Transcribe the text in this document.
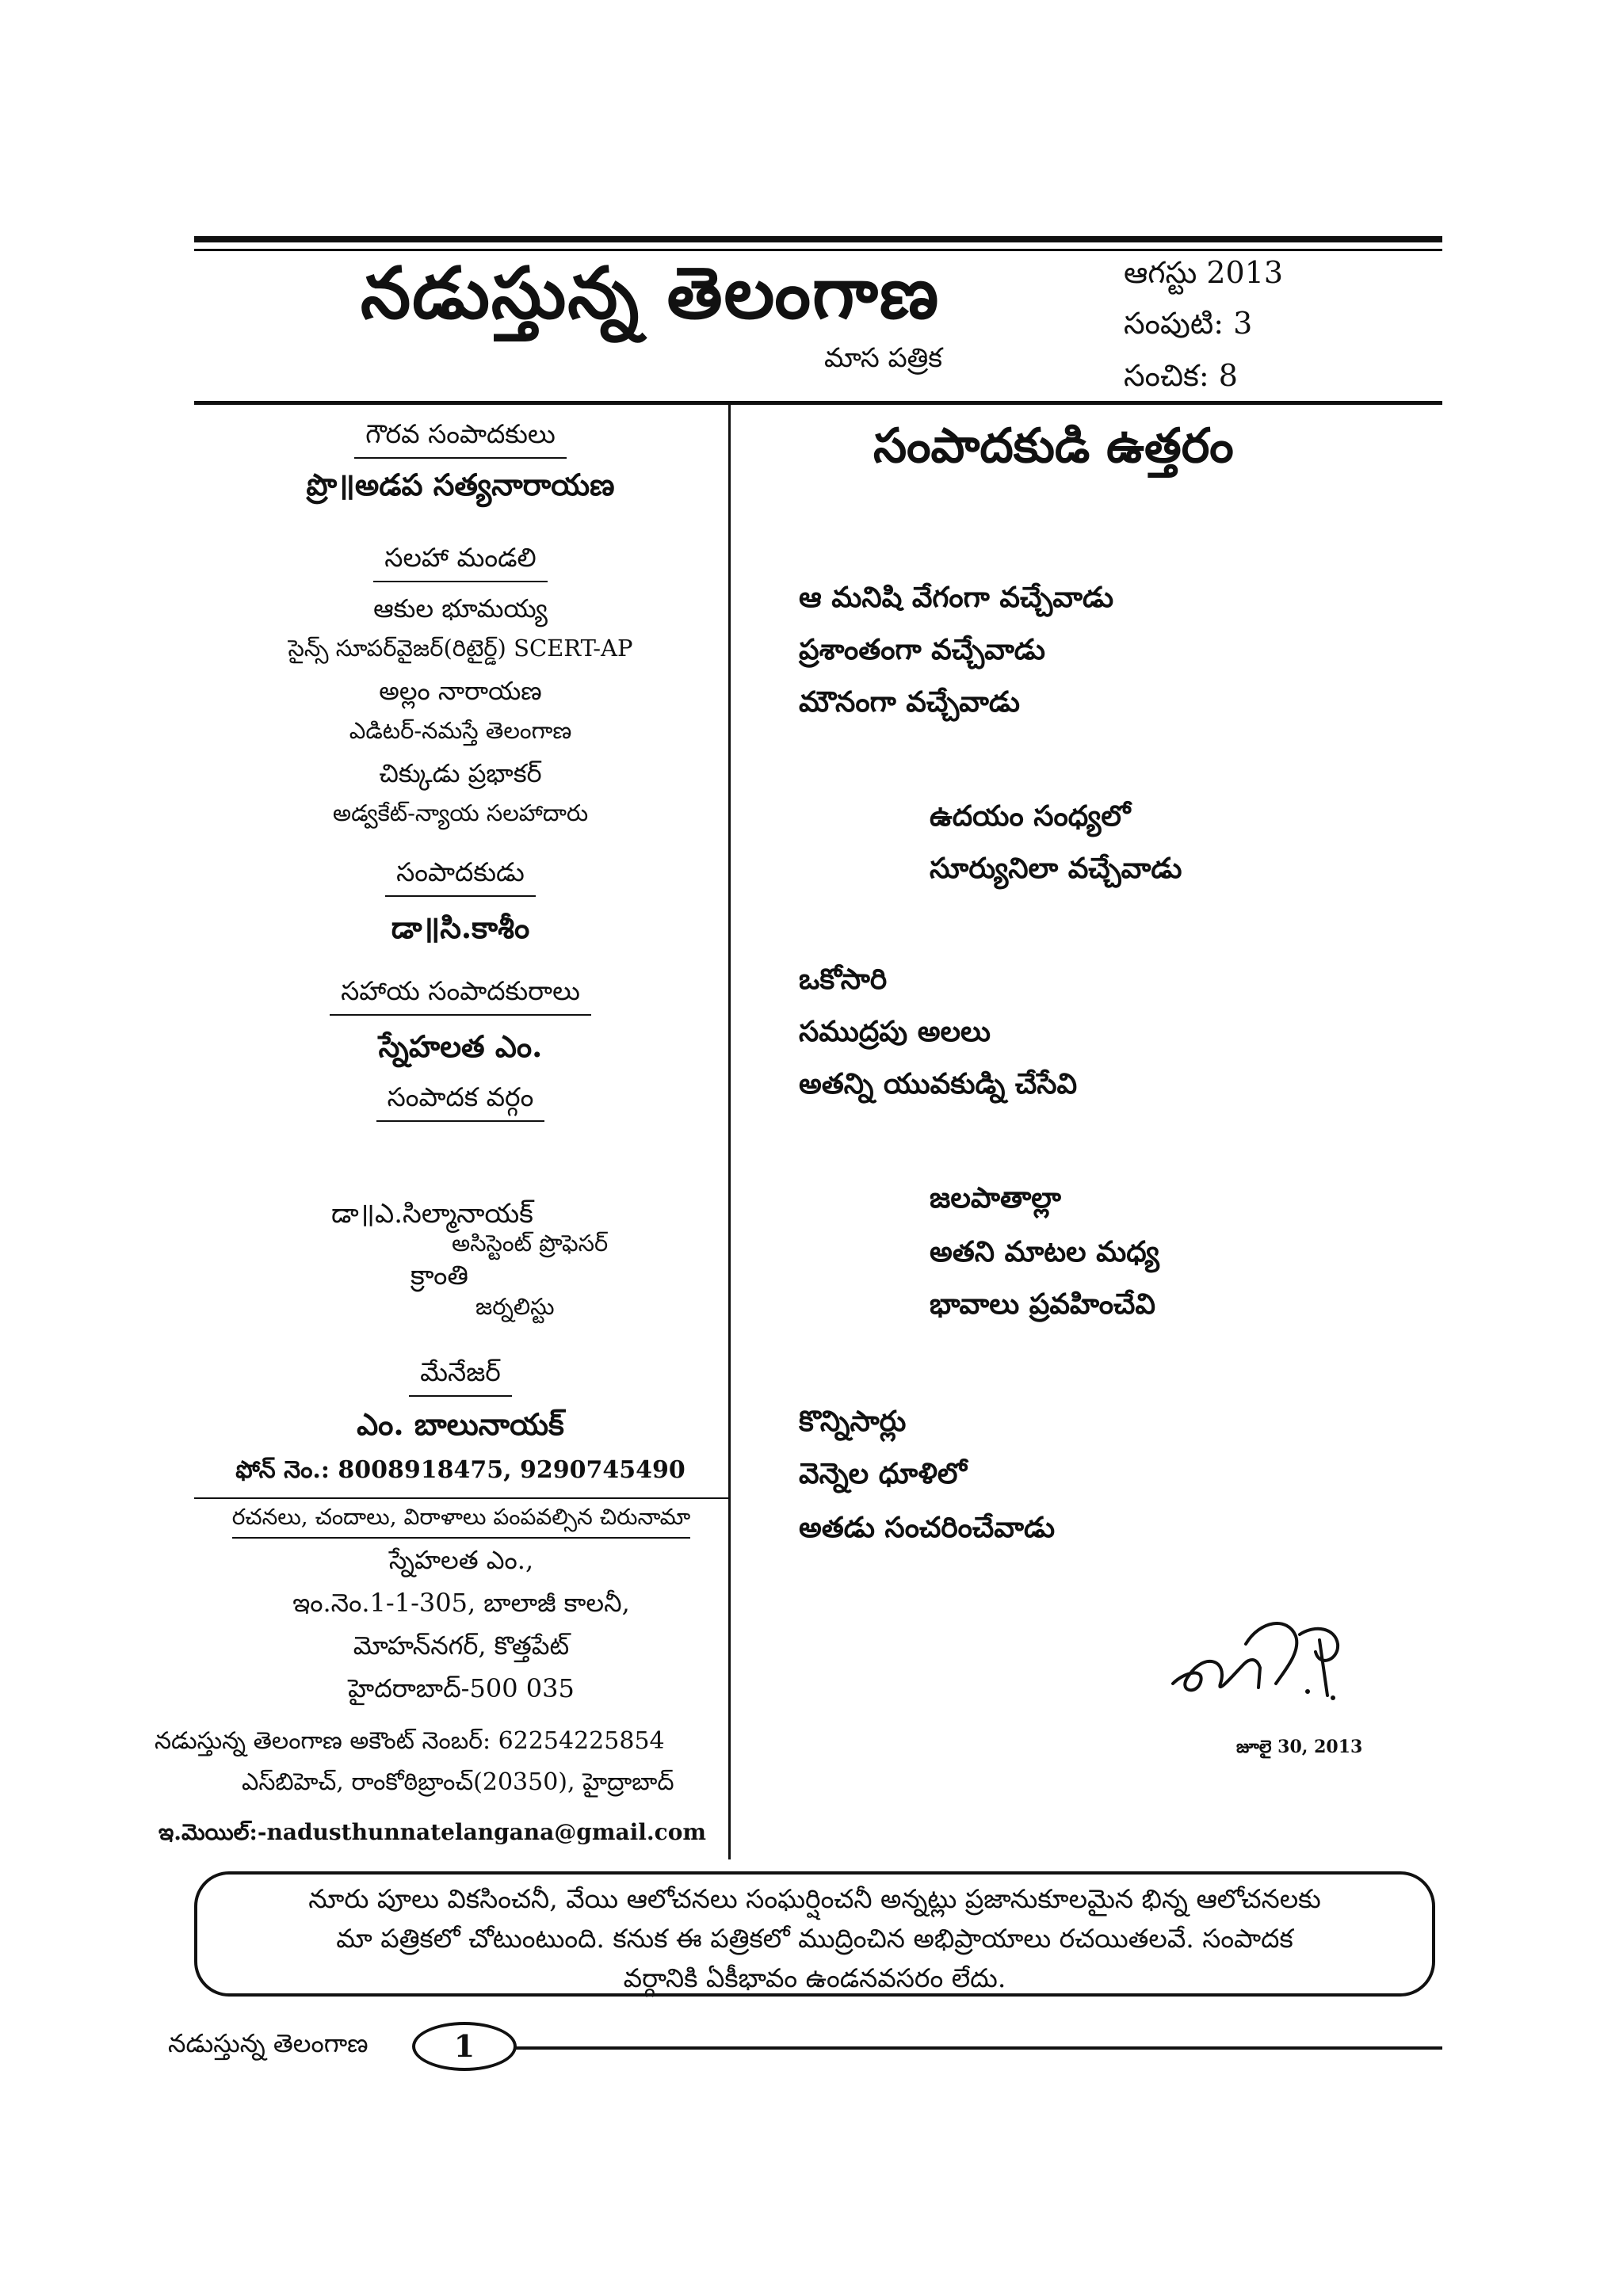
నడుస్తున్న తెలంగాణ
మాస పత్రిక
ఆగస్టు 2013
సంపుటి: 3
సంచిక: 8
గౌరవ సంపాదకులు
ప్రొ॥అడప సత్యనారాయణ
సలహా మండలి
ఆకుల భూమయ్య
సైన్స్ సూపర్‌వైజర్(రిటైర్డ్) SCERT-AP
అల్లం నారాయణ
ఎడిటర్-నమస్తే తెలంగాణ
చిక్కుడు ప్రభాకర్
అడ్వకేట్-న్యాయ సలహాదారు
సంపాదకుడు
డా॥సి.కాశీం
సహాయ సంపాదకురాలు
స్నేహలత ఎం.
సంపాదక వర్గం
డా॥ఎ.సిల్మానాయక్
అసిస్టెంట్ ప్రొఫెసర్
క్రాంతి
జర్నలిస్టు
మేనేజర్
ఎం. బాలునాయక్
ఫోన్ నెం.: 8008918475, 9290745490
రచనలు, చందాలు, విరాళాలు పంపవల్సిన చిరునామా
స్నేహలత ఎం.,
ఇం.నెం.1-1-305, బాలాజీ కాలనీ,
మోహన్‌నగర్, కొత్తపేట్
హైదరాబాద్-500 035
నడుస్తున్న తెలంగాణ అకౌంట్ నెంబర్: 62254225854
ఎస్‌బిహెచ్, రాంకోఠిబ్రాంచ్(20350), హైద్రాబాద్
ఇ.మెయిల్:-nadusthunnatelangana@gmail.com
సంపాదకుడి ఉత్తరం
ఆ మనిషి వేగంగా వచ్చేవాడు
ప్రశాంతంగా వచ్చేవాడు
మౌనంగా వచ్చేవాడు
ఉదయం సంధ్యలో
సూర్యునిలా వచ్చేవాడు
ఒకోసారి
సముద్రపు అలలు
అతన్ని యువకుడ్ని చేసేవి
జలపాతాల్లా
అతని మాటల మధ్య
భావాలు ప్రవహించేవి
కొన్నిసార్లు
వెన్నెల ధూళిలో
అతడు సంచరించేవాడు
జూలై 30, 2013
నూరు పూలు వికసించనీ, వేయి ఆలోచనలు సంఘర్షించనీ అన్నట్లు ప్రజానుకూలమైన భిన్న ఆలోచనలకు
మా పత్రికలో చోటుంటుంది. కనుక ఈ పత్రికలో ముద్రించిన అభిప్రాయాలు రచయితలవే. సంపాదక
వర్గానికి ఏకీభావం ఉండనవసరం లేదు.
నడుస్తున్న తెలంగాణ	1
